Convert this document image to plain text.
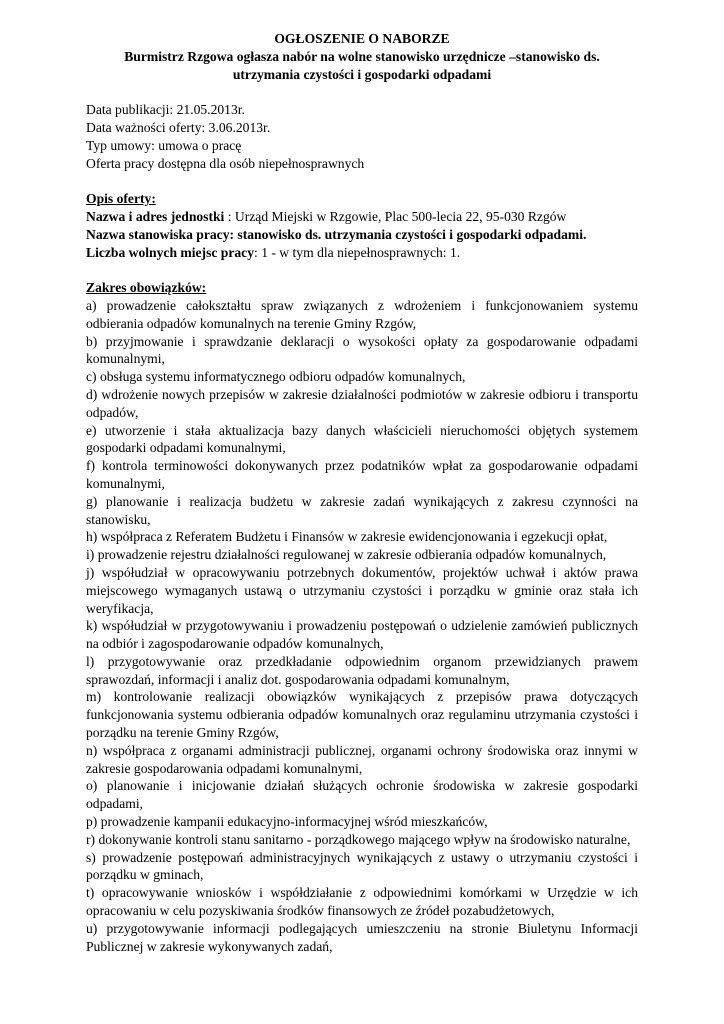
OGŁOSZENIE O NABORZE

Burmistrz Rzgowa ogłasza nabór na wolne stanowisko urzędnicze –stanowisko ds.

utrzymania czystości i gospodarki odpadami

Data publikacji: 21.05.2013r.

Data ważności oferty: 3.06.2013r.

Typ umowy: umowa o pracę

Oferta pracy dostępna dla osób niepełnosprawnych

Opis oferty:

Nazwa i adres jednostki : Urząd Miejski w Rzgowie, Plac 500-lecia 22, 95-030 Rzgów

Nazwa stanowiska pracy: stanowisko ds. utrzymania czystości i gospodarki odpadami.

Liczba wolnych miejsc pracy: 1 - w tym dla niepełnosprawnych: 1.

Zakres obowiązków:

a) prowadzenie całokształtu spraw związanych z wdrożeniem i funkcjonowaniem systemu odbierania odpadów komunalnych na terenie Gminy Rzgów,

b) przyjmowanie i sprawdzanie deklaracji o wysokości opłaty za gospodarowanie odpadami komunalnymi,

c) obsługa systemu informatycznego odbioru odpadów komunalnych,

d) wdrożenie nowych przepisów w zakresie działalności podmiotów w zakresie odbioru i transportu odpadów,

e) utworzenie i stała aktualizacja bazy danych właścicieli nieruchomości objętych systemem gospodarki odpadami komunalnymi,

f) kontrola terminowości dokonywanych przez podatników wpłat za gospodarowanie odpadami komunalnymi,

g) planowanie i realizacja budżetu w zakresie zadań wynikających z zakresu czynności na stanowisku,

h) współpraca z Referatem Budżetu i Finansów w zakresie ewidencjonowania i egzekucji opłat,

i) prowadzenie rejestru działalności regulowanej w zakresie odbierania odpadów komunalnych,

j) współudział w opracowywaniu potrzebnych dokumentów, projektów uchwał i aktów prawa miejscowego wymaganych ustawą o utrzymaniu czystości i porządku w gminie oraz stała ich weryfikacja,

k) współudział w przygotowywaniu i prowadzeniu postępowań o udzielenie zamówień publicznych na odbiór i zagospodarowanie odpadów komunalnych,

l) przygotowywanie oraz przedkładanie odpowiednim organom przewidzianych prawem sprawozdań, informacji i analiz dot. gospodarowania odpadami komunalnym,

m) kontrolowanie realizacji obowiązków wynikających z przepisów prawa dotyczących funkcjonowania systemu odbierania odpadów komunalnych oraz regulaminu utrzymania czystości i porządku na terenie Gminy Rzgów,

n) współpraca z organami administracji publicznej, organami ochrony środowiska oraz innymi w zakresie gospodarowania odpadami komunalnymi,

o) planowanie i inicjowanie działań służących ochronie środowiska w zakresie gospodarki odpadami,

p) prowadzenie kampanii edukacyjno-informacyjnej wśród mieszkańców,

r) dokonywanie kontroli stanu sanitarno - porządkowego mającego wpływ na środowisko naturalne,

s) prowadzenie postępowań administracyjnych wynikających z ustawy o utrzymaniu czystości i porządku w gminach,

t) opracowywanie wniosków i współdziałanie z odpowiednimi komórkami w Urzędzie w ich opracowaniu w celu pozyskiwania środków finansowych ze źródeł pozabudżetowych,

u) przygotowywanie informacji podlegających umieszczeniu na stronie Biuletynu Informacji Publicznej w zakresie wykonywanych zadań,
